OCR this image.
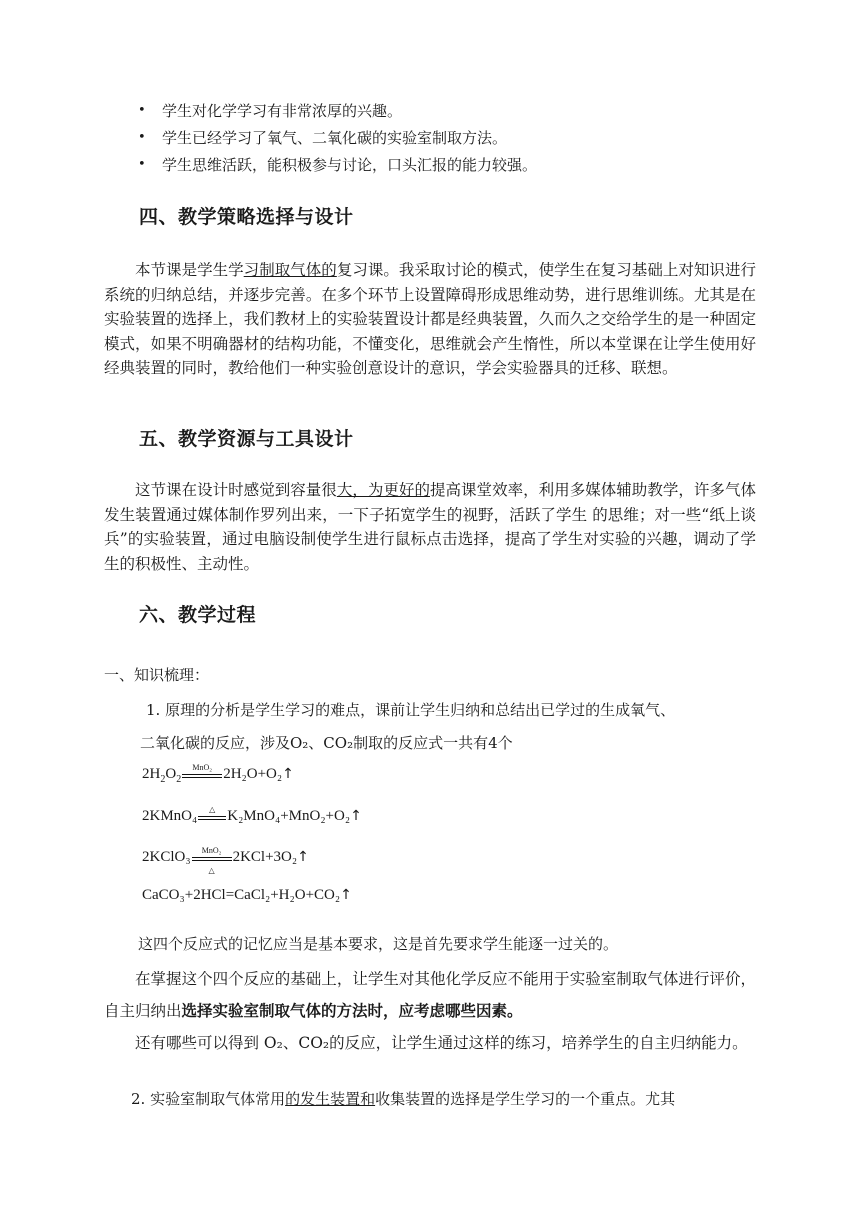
•	学生对化学学习有非常浓厚的兴趣。
•	学生已经学习了氧气、二氧化碳的实验室制取方法。
•	学生思维活跃，能积极参与讨论，口头汇报的能力较强。
四、教学策略选择与设计

本节课是学生学习制取气体的复习课。我采取讨论的模式，使学生在复习基础上对知识进行系统的归纳总结，并逐步完善。在多个环节上设置障碍形成思维动势，进行思维训练。尤其是在实验装置的选择上，我们教材上的实验装置设计都是经典装置，久而久之交给学生的是一种固定模式，如果不明确器材的结构功能，不懂变化，思维就会产生惰性，所以本堂课在让学生使用好经典装置的同时，教给他们一种实验创意设计的意识，学会实验器具的迁移、联想。

五、教学资源与工具设计

这节课在设计时感觉到容量很大，为更好的提高课堂效率，利用多媒体辅助教学，许多气体发生装置通过媒体制作罗列出来，一下子拓宽学生的视野，活跃了学生 的思维；对一些“纸上谈兵”的实验装置，通过电脑设制使学生进行鼠标点击选择，提高了学生对实验的兴趣，调动了学生的积极性、主动性。

六、教学过程
一、知识梳理：
1. 原理的分析是学生学习的难点，课前让学生归纳和总结出已学过的生成氧气、
二氧化碳的反应，涉及O₂、CO₂制取的反应式一共有4个
$2H_2O_2$
MnO₂ 2H₂O+O₂↑
2KMnO₄	△ K₂MnO₄+MnO₂+O₂↑
2KClO₃	MnO₂
△
2KCl+3O₂↑
CaCO₃+2HCl=CaCl₂+H₂O+CO₂↑
这四个反应式的记忆应当是基本要求，这是首先要求学生能逐一过关的。

在掌握这个四个反应的基础上，让学生对其他化学反应不能用于实验室制取气体进行评价，自主归纳出选择实验室制取气体的方法时，应考虑哪些因素。

还有哪些可以得到 O₂、CO₂的反应，让学生通过这样的练习，培养学生的自主归纳能力。

2. 实验室制取气体常用的发生装置和收集装置的选择是学生学习的一个重点。尤其
